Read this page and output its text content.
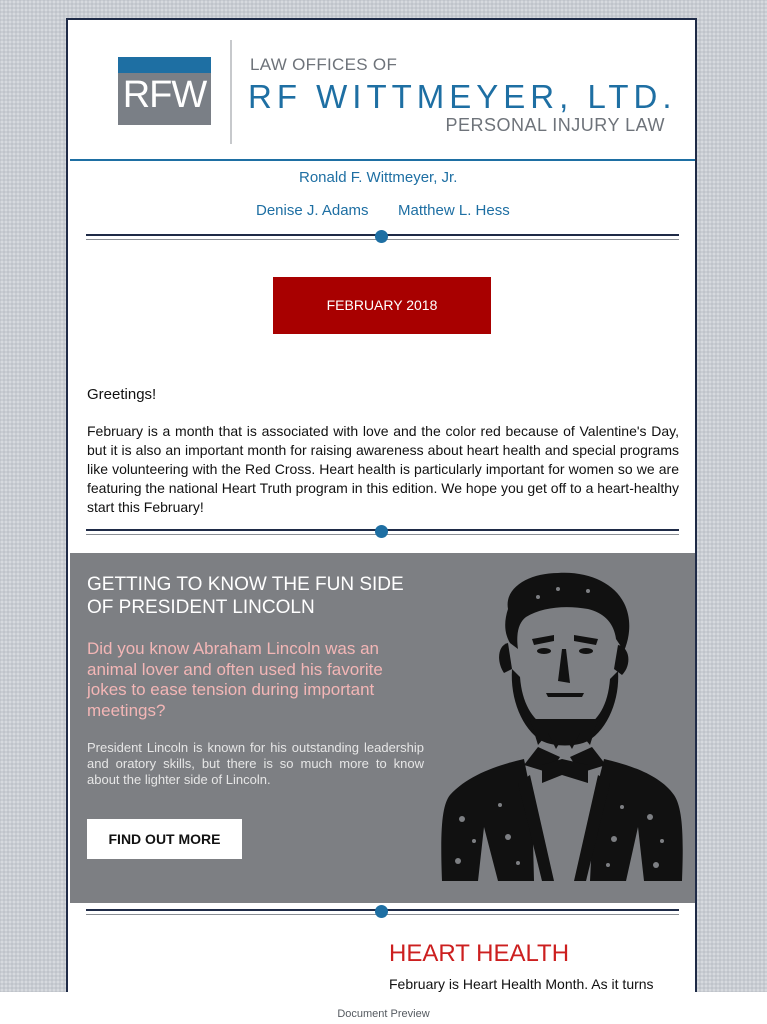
RFW
LAW OFFICES OF
RF WITTMEYER, LTD.
PERSONAL INJURY LAW
Ronald F. Wittmeyer, Jr.
Denise J. Adams Matthew L. Hess
FEBRUARY 2018
Greetings!

February is a month that is associated with love and the color red because of Valentine's Day, but it is also an important month for raising awareness about heart health and special programs like volunteering with the Red Cross. Heart health is particularly important for women so we are featuring the national Heart Truth program in this edition. We hope you get off to a heart-healthy start this February!

GETTING TO KNOW THE FUN SIDE OF PRESIDENT LINCOLN

Did you know Abraham Lincoln was an animal lover and often used his favorite jokes to ease tension during important meetings?

President Lincoln is known for his outstanding leadership and oratory skills, but there is so much more to know about the lighter side of Lincoln.

FIND OUT MORE
HEART HEALTH

February is Heart Health Month. As it turns

Document Preview
